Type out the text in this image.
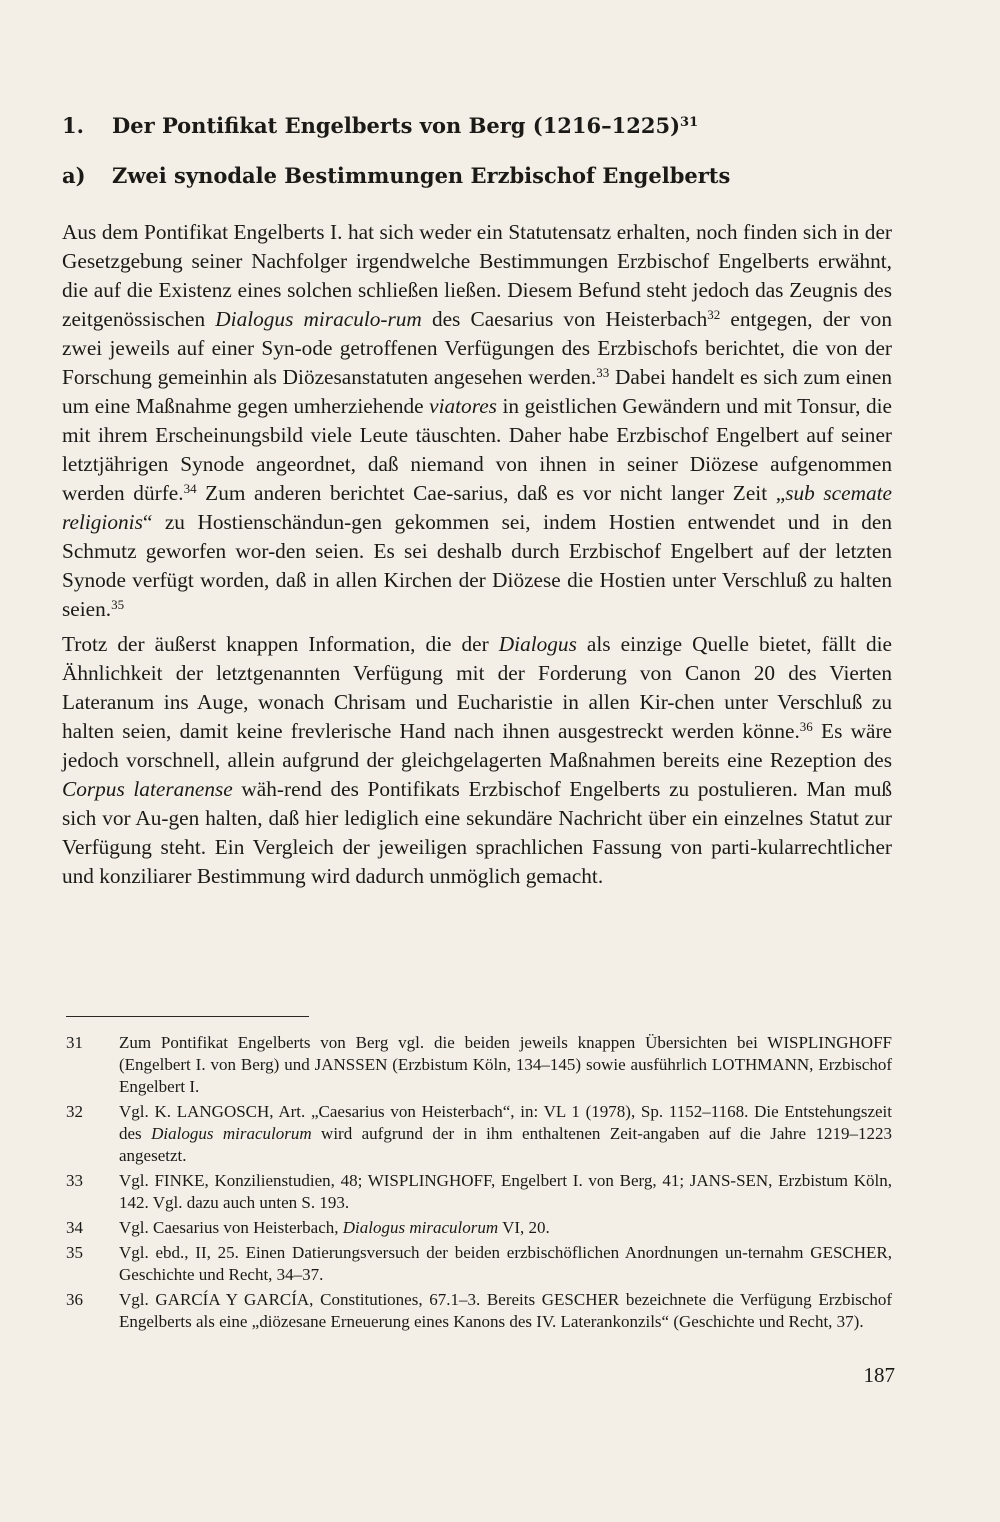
1.	Der Pontifikat Engelberts von Berg (1216–1225)$^{31}$
a)	Zwei synodale Bestimmungen Erzbischof Engelberts

Aus dem Pontifikat Engelberts I. hat sich weder ein Statutensatz erhalten, noch finden sich in der Gesetzgebung seiner Nachfolger irgendwelche Bestimmungen Erzbischof Engelberts erwähnt, die auf die Existenz eines solchen schließen ließen. Diesem Befund steht jedoch das Zeugnis des zeitgenössischen Dialogus miraculo-rum des Caesarius von Heisterbach$^{32}$ entgegen, der von zwei jeweils auf einer Syn-ode getroffenen Verfügungen des Erzbischofs berichtet, die von der Forschung gemeinhin als Diözesanstatuten angesehen werden.$^{33}$ Dabei handelt es sich zum einen um eine Maßnahme gegen umherziehende viatores in geistlichen Gewändern und mit Tonsur, die mit ihrem Erscheinungsbild viele Leute täuschten. Daher habe Erzbischof Engelbert auf seiner letztjährigen Synode angeordnet, daß niemand von ihnen in seiner Diözese aufgenommen werden dürfe.$^{34}$ Zum anderen berichtet Cae-sarius, daß es vor nicht langer Zeit „sub scemate religionis“ zu Hostienschändun-gen gekommen sei, indem Hostien entwendet und in den Schmutz geworfen wor-den seien. Es sei deshalb durch Erzbischof Engelbert auf der letzten Synode verfügt worden, daß in allen Kirchen der Diözese die Hostien unter Verschluß zu halten seien.$^{35}$

Trotz der äußerst knappen Information, die der Dialogus als einzige Quelle bietet, fällt die Ähnlichkeit der letztgenannten Verfügung mit der Forderung von Canon 20 des Vierten Lateranum ins Auge, wonach Chrisam und Eucharistie in allen Kir-chen unter Verschluß zu halten seien, damit keine frevlerische Hand nach ihnen ausgestreckt werden könne.$^{36}$ Es wäre jedoch vorschnell, allein aufgrund der gleichgelagerten Maßnahmen bereits eine Rezeption des Corpus lateranense wäh-rend des Pontifikats Erzbischof Engelberts zu postulieren. Man muß sich vor Au-gen halten, daß hier lediglich eine sekundäre Nachricht über ein einzelnes Statut zur Verfügung steht. Ein Vergleich der jeweiligen sprachlichen Fassung von parti-kularrechtlicher und konziliarer Bestimmung wird dadurch unmöglich gemacht.

31	Zum Pontifikat Engelberts von Berg vgl. die beiden jeweils knappen Übersichten bei WISPLINGHOFF (Engelbert I. von Berg) und JANSSEN (Erzbistum Köln, 134–145) sowie ausführlich LOTHMANN, Erzbischof Engelbert I.
32	Vgl. K. LANGOSCH, Art. „Caesarius von Heisterbach“, in: VL 1 (1978), Sp. 1152–1168. Die Entstehungszeit des Dialogus miraculorum wird aufgrund der in ihm enthaltenen Zeit-angaben auf die Jahre 1219–1223 angesetzt.
33	Vgl. FINKE, Konzilienstudien, 48; WISPLINGHOFF, Engelbert I. von Berg, 41; JANS-SEN, Erzbistum Köln, 142. Vgl. dazu auch unten S. 193.
34	Vgl. Caesarius von Heisterbach, Dialogus miraculorum VI, 20.
35	Vgl. ebd., II, 25. Einen Datierungsversuch der beiden erzbischöflichen Anordnungen un-ternahm GESCHER, Geschichte und Recht, 34–37.
36	Vgl. GARCÍA Y GARCÍA, Constitutiones, 67.1–3. Bereits GESCHER bezeichnete die Verfügung Erzbischof Engelberts als eine „diözesane Erneuerung eines Kanons des IV. Laterankonzils“ (Geschichte und Recht, 37).
187
